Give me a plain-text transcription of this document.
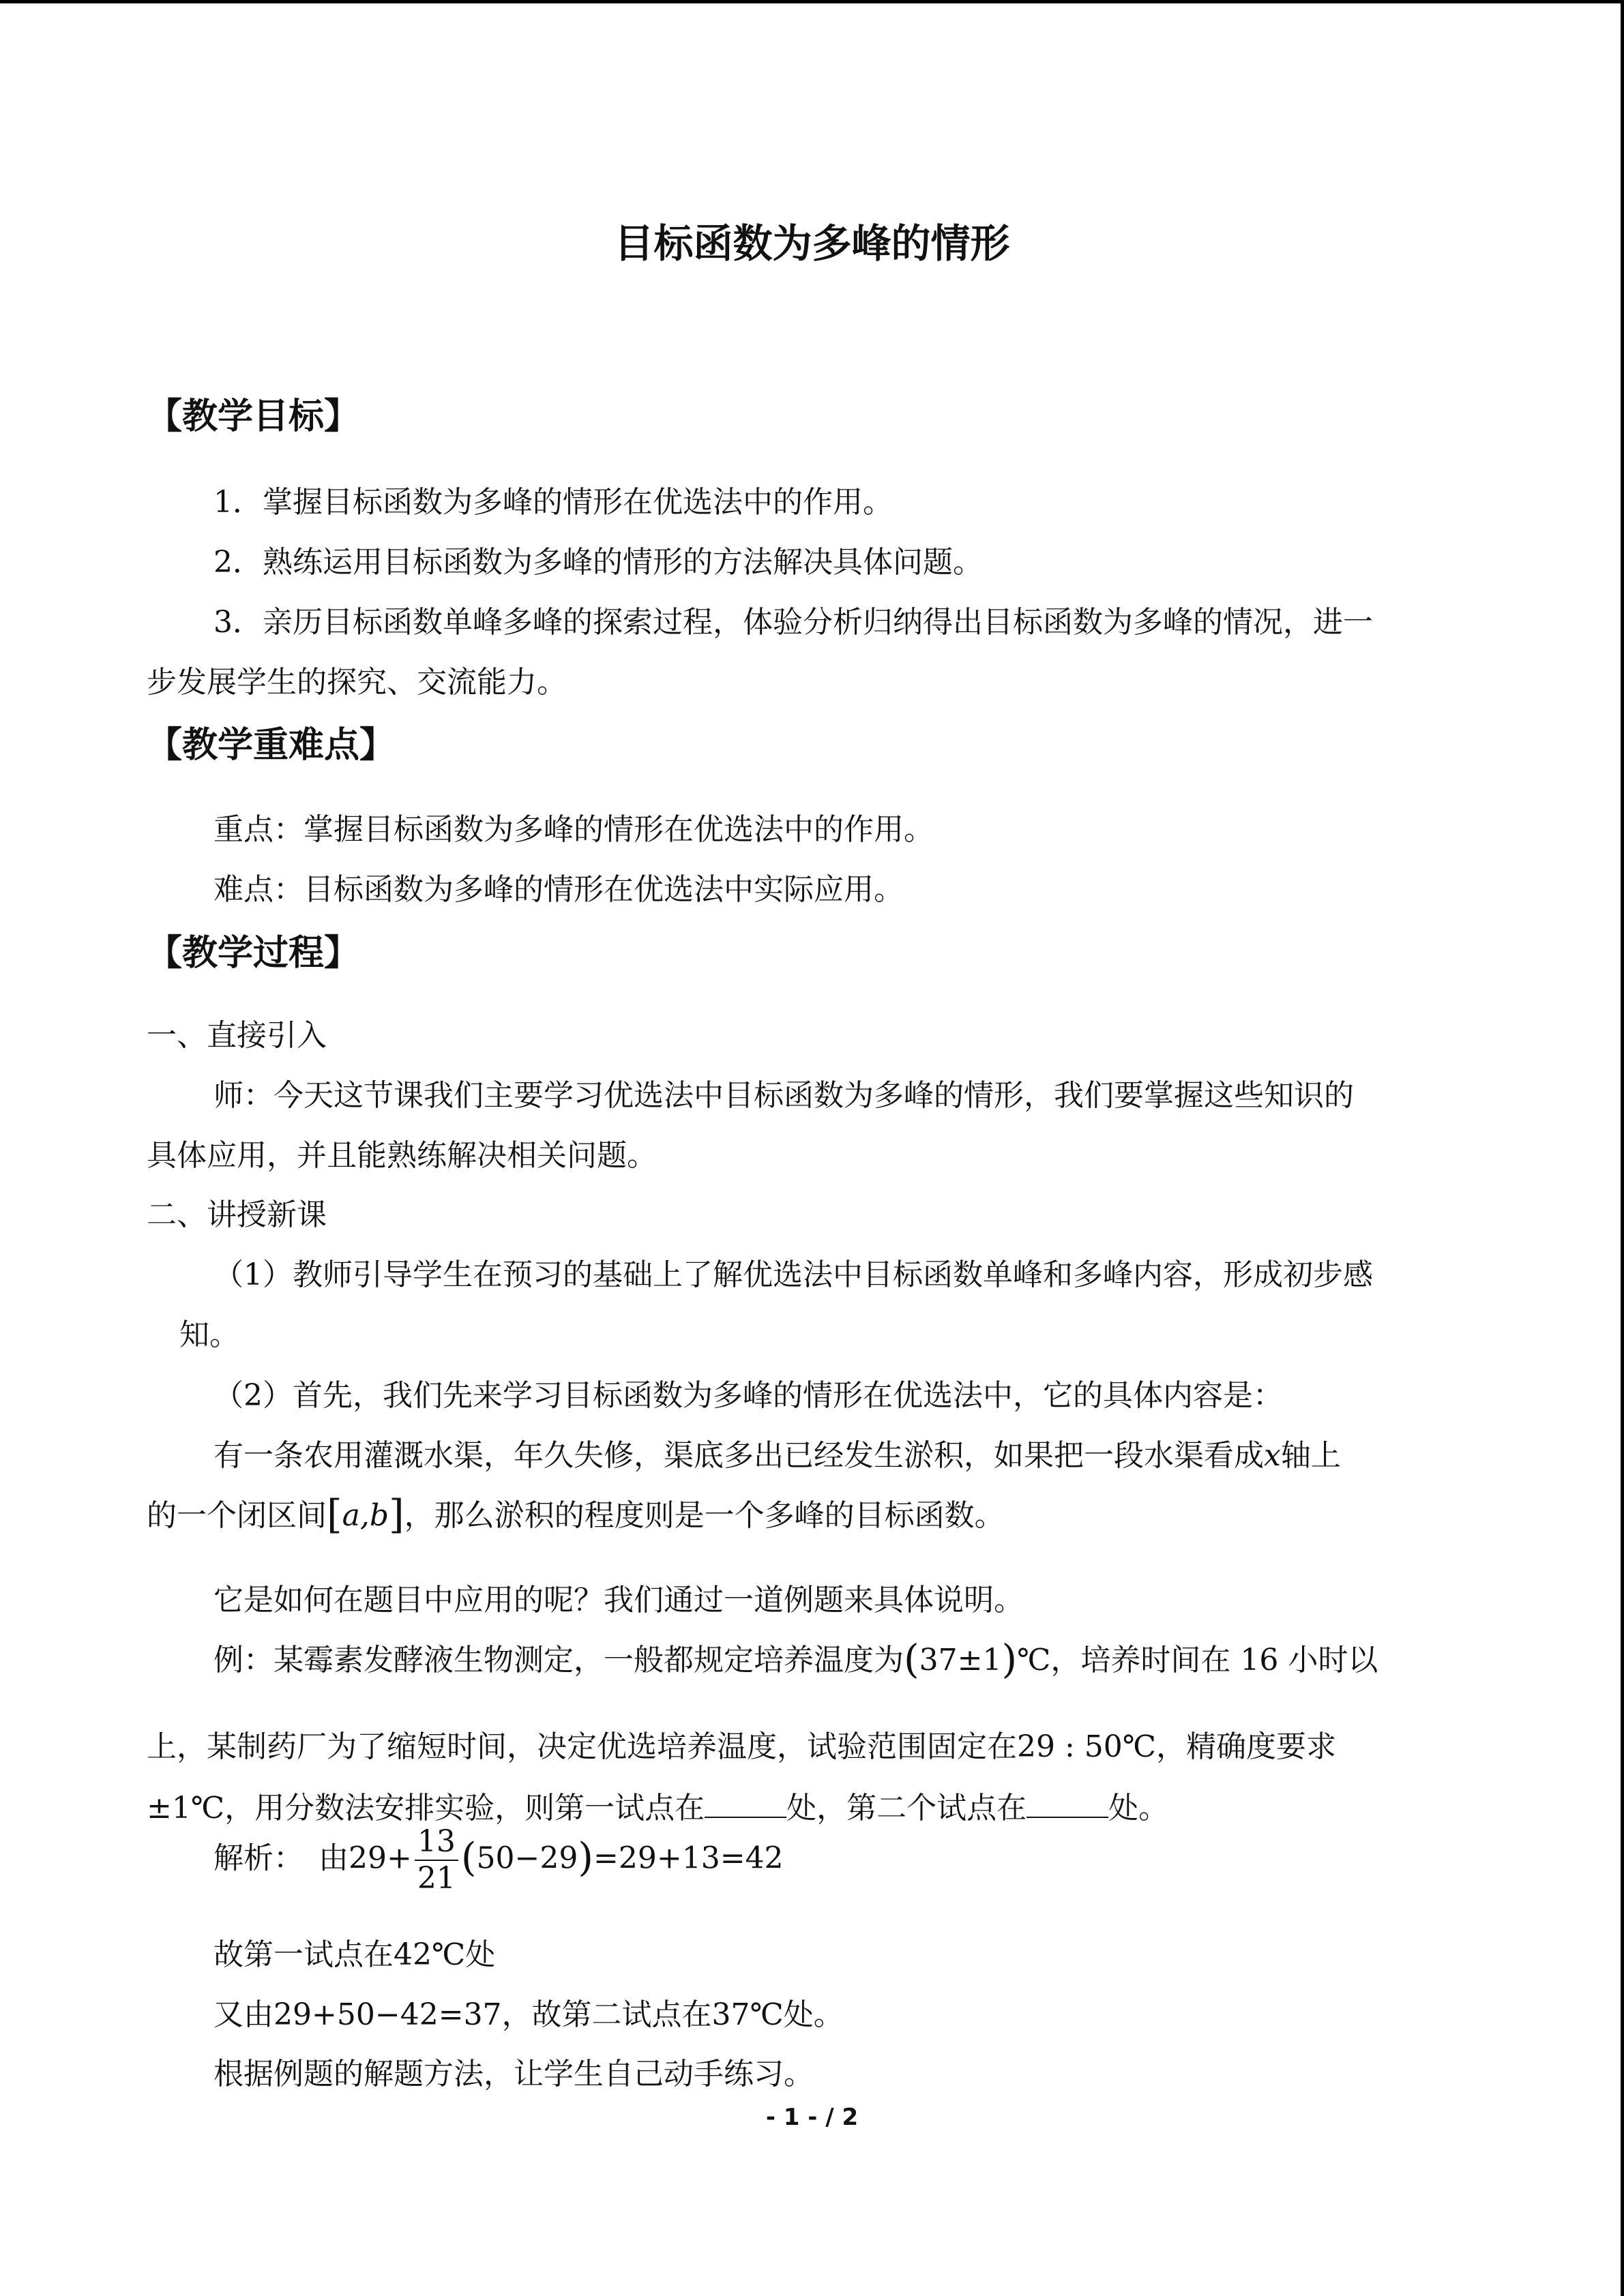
目标函数为多峰的情形
【教学目标】
1．掌握目标函数为多峰的情形在优选法中的作用。
2．熟练运用目标函数为多峰的情形的方法解决具体问题。
3．亲历目标函数单峰多峰的探索过程，体验分析归纳得出目标函数为多峰的情况，进一
步发展学生的探究、交流能力。
【教学重难点】
重点：掌握目标函数为多峰的情形在优选法中的作用。
难点：目标函数为多峰的情形在优选法中实际应用。
【教学过程】
一、直接引入
师：今天这节课我们主要学习优选法中目标函数为多峰的情形，我们要掌握这些知识的
具体应用，并且能熟练解决相关问题。
二、讲授新课
（1）教师引导学生在预习的基础上了解优选法中目标函数单峰和多峰内容，形成初步感
知。
（2）首先，我们先来学习目标函数为多峰的情形在优选法中，它的具体内容是：
有一条农用灌溉水渠，年久失修，渠底多出已经发生淤积，如果把一段水渠看成x轴上
的一个闭区间[a,b]，那么淤积的程度则是一个多峰的目标函数。
它是如何在题目中应用的呢？我们通过一道例题来具体说明。
例：某霉素发酵液生物测定，一般都规定培养温度为(37±1)℃，培养时间在 16 小时以
上，某制药厂为了缩短时间，决定优选培养温度，试验范围固定在29 : 50℃，精确度要求
±1℃，用分数法安排实验，则第一试点在	处，第二个试点在	处。
解析：　由$29+ \frac{13}{21} (50-29)=29+13=42$
故第一试点在42℃处
又由29+50−42=37，故第二试点在37℃处。
根据例题的解题方法，让学生自己动手练习。
- 1 - / 2
